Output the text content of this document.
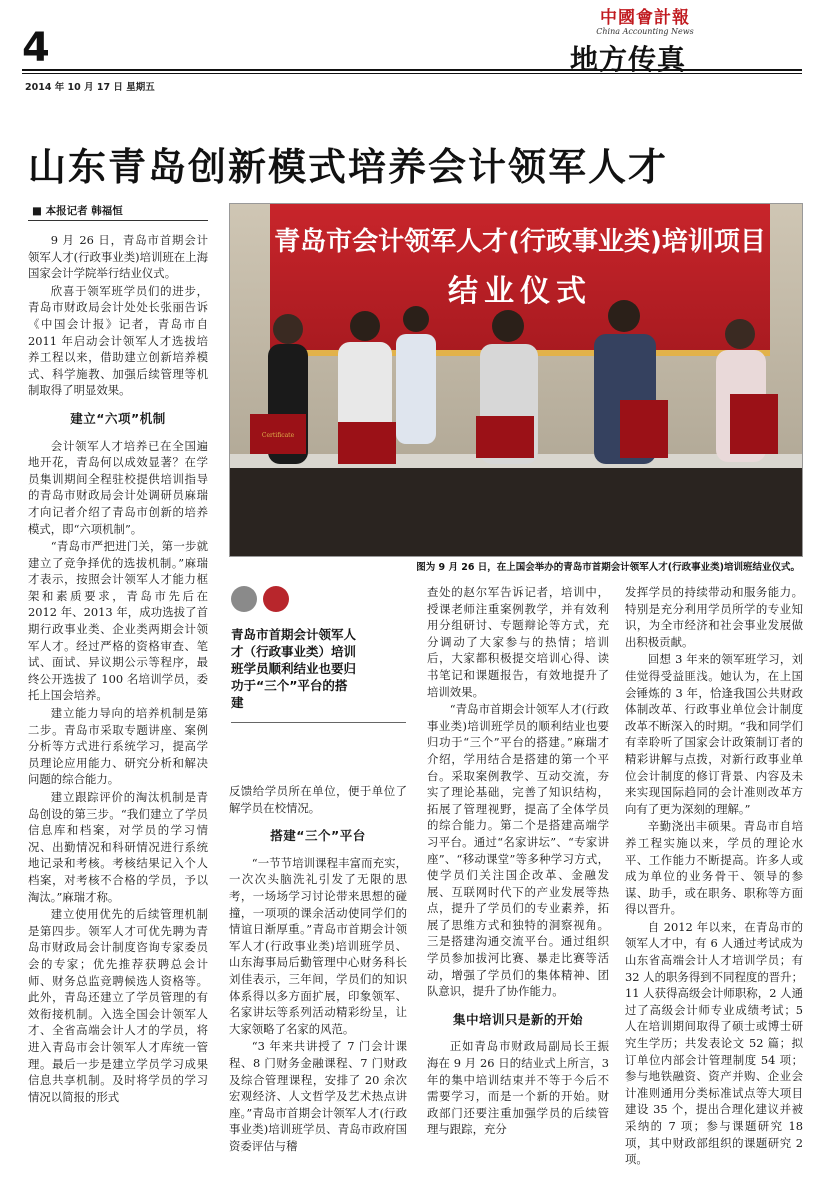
4
中國會計報
China Accounting News
地方传真
2014 年 10 月 17 日 星期五
山东青岛创新模式培养会计领军人才
■ 本报记者 韩福恒

9 月 26 日，青岛市首期会计领军人才(行政事业类)培训班在上海国家会计学院举行结业仪式。

欣喜于领军班学员们的进步，青岛市财政局会计处处长张丽告诉《中国会计报》记者，青岛市自 2011 年启动会计领军人才选拔培养工程以来，借助建立创新培养模式、科学施教、加强后续管理等机制取得了明显效果。

建立“六项”机制

会计领军人才培养已在全国遍地开花，青岛何以成效显著？在学员集训期间全程驻校提供培训指导的青岛市财政局会计处调研员麻瑞才向记者介绍了青岛市创新的培养模式，即“六项机制”。

“青岛市严把进门关，第一步就建立了竞争择优的选拔机制。”麻瑞才表示，按照会计领军人才能力框架和素质要求，青岛市先后在 2012 年、2013 年，成功选拔了首期行政事业类、企业类两期会计领军人才。经过严格的资格审查、笔试、面试、异议期公示等程序，最终公开选拔了 100 名培训学员，委托上国会培养。

建立能力导向的培养机制是第二步。青岛市采取专题讲座、案例分析等方式进行系统学习，提高学员理论应用能力、研究分析和解决问题的综合能力。

建立跟踪评价的淘汰机制是青岛创设的第三步。“我们建立了学员信息库和档案，对学员的学习情况、出勤情况和科研情况进行系统地记录和考核。考核结果记入个人档案，对考核不合格的学员，予以淘汰。”麻瑞才称。

建立使用优先的后续管理机制是第四步。领军人才可优先聘为青岛市财政局会计制度咨询专家委员会的专家；优先推荐获聘总会计师、财务总监竞聘候选人资格等。此外，青岛还建立了学员管理的有效衔接机制。入选全国会计领军人才、全省高端会计人才的学员，将进入青岛市会计领军人才库统一管理。最后一步是建立学员学习成果信息共享机制。及时将学员的学习情况以简报的形式

反馈给学员所在单位，便于单位了解学员在校情况。

搭建“三个”平台

“一节节培训课程丰富而充实，一次次头脑洗礼引发了无限的思考，一场场学习讨论带来思想的碰撞，一项项的课余活动使同学们的情谊日渐厚重。”青岛市首期会计领军人才(行政事业类)培训班学员、山东海事局后勤管理中心财务科长刘佳表示，三年间，学员们的知识体系得以多方面扩展，印象领军、名家讲坛等系列活动精彩纷呈，让大家领略了名家的风范。

“3 年来共讲授了 7 门会计课程、8 门财务金融课程、7 门财政及综合管理课程，安排了 20 余次宏观经济、人文哲学及艺术热点讲座。”青岛市首期会计领军人才(行政事业类)培训班学员、青岛市政府国资委评估与稽

查处的赵尔军告诉记者，培训中，授课老师注重案例教学，并有效利用分组研讨、专题辩论等方式，充分调动了大家参与的热情；培训后，大家都积极提交培训心得、读书笔记和课题报告，有效地提升了培训效果。

“青岛市首期会计领军人才(行政事业类)培训班学员的顺利结业也要归功于“三个”平台的搭建。”麻瑞才介绍，学用结合是搭建的第一个平台。采取案例教学、互动交流，夯实了理论基础，完善了知识结构，拓展了管理视野，提高了全体学员的综合能力。第二个是搭建高端学习平台。通过“名家讲坛”、“专家讲座”、“移动课堂”等多种学习方式，使学员们关注国企改革、金融发展、互联网时代下的产业发展等热点，提升了学员们的专业素养，拓展了思维方式和独特的洞察视角。三是搭建沟通交流平台。通过组织学员参加拔河比赛、暴走比赛等活动，增强了学员们的集体精神、团队意识，提升了协作能力。

集中培训只是新的开始

正如青岛市财政局副局长王振海在 9 月 26 日的结业式上所言，3 年的集中培训结束并不等于今后不需要学习，而是一个新的开始。财政部门还要注重加强学员的后续管理与跟踪，充分

发挥学员的持续带动和服务能力。特别是充分利用学员所学的专业知识，为全市经济和社会事业发展做出积极贡献。

回想 3 年来的领军班学习，刘佳觉得受益匪浅。她认为，在上国会锤炼的 3 年，恰逢我国公共财政体制改革、行政事业单位会计制度改革不断深入的时期。“我和同学们有幸聆听了国家会计政策制订者的精彩讲解与点拨，对新行政事业单位会计制度的修订背景、内容及未来实现国际趋同的会计准则改革方向有了更为深刻的理解。”

辛勤浇出丰硕果。青岛市自培养工程实施以来，学员的理论水平、工作能力不断提高。许多人或成为单位的业务骨干、领导的参谋、助手，或在职务、职称等方面得以晋升。

自 2012 年以来，在青岛市的领军人才中，有 6 人通过考试成为山东省高端会计人才培训学员；有 32 人的职务得到不同程度的晋升；11 人获得高级会计师职称，2 人通过了高级会计师专业成绩考试；5 人在培训期间取得了硕士或博士研究生学历；共发表论文 52 篇；拟订单位内部会计管理制度 54 项；参与地铁融资、资产并购、企业会计准则通用分类标准试点等大项目建设 35 个，提出合理化建议并被采纳的 7 项；参与课题研究 18 项，其中财政部组织的课题研究 2 项。

青岛市会计领军人才(行政事业类)培训项目
结业仪式
Certificate
图为 9 月 26 日，在上国会举办的青岛市首期会计领军人才(行政事业类)培训班结业仪式。
青岛市首期会计领军人才（行政事业类）培训班学员顺利结业也要归功于“三个”平台的搭建
